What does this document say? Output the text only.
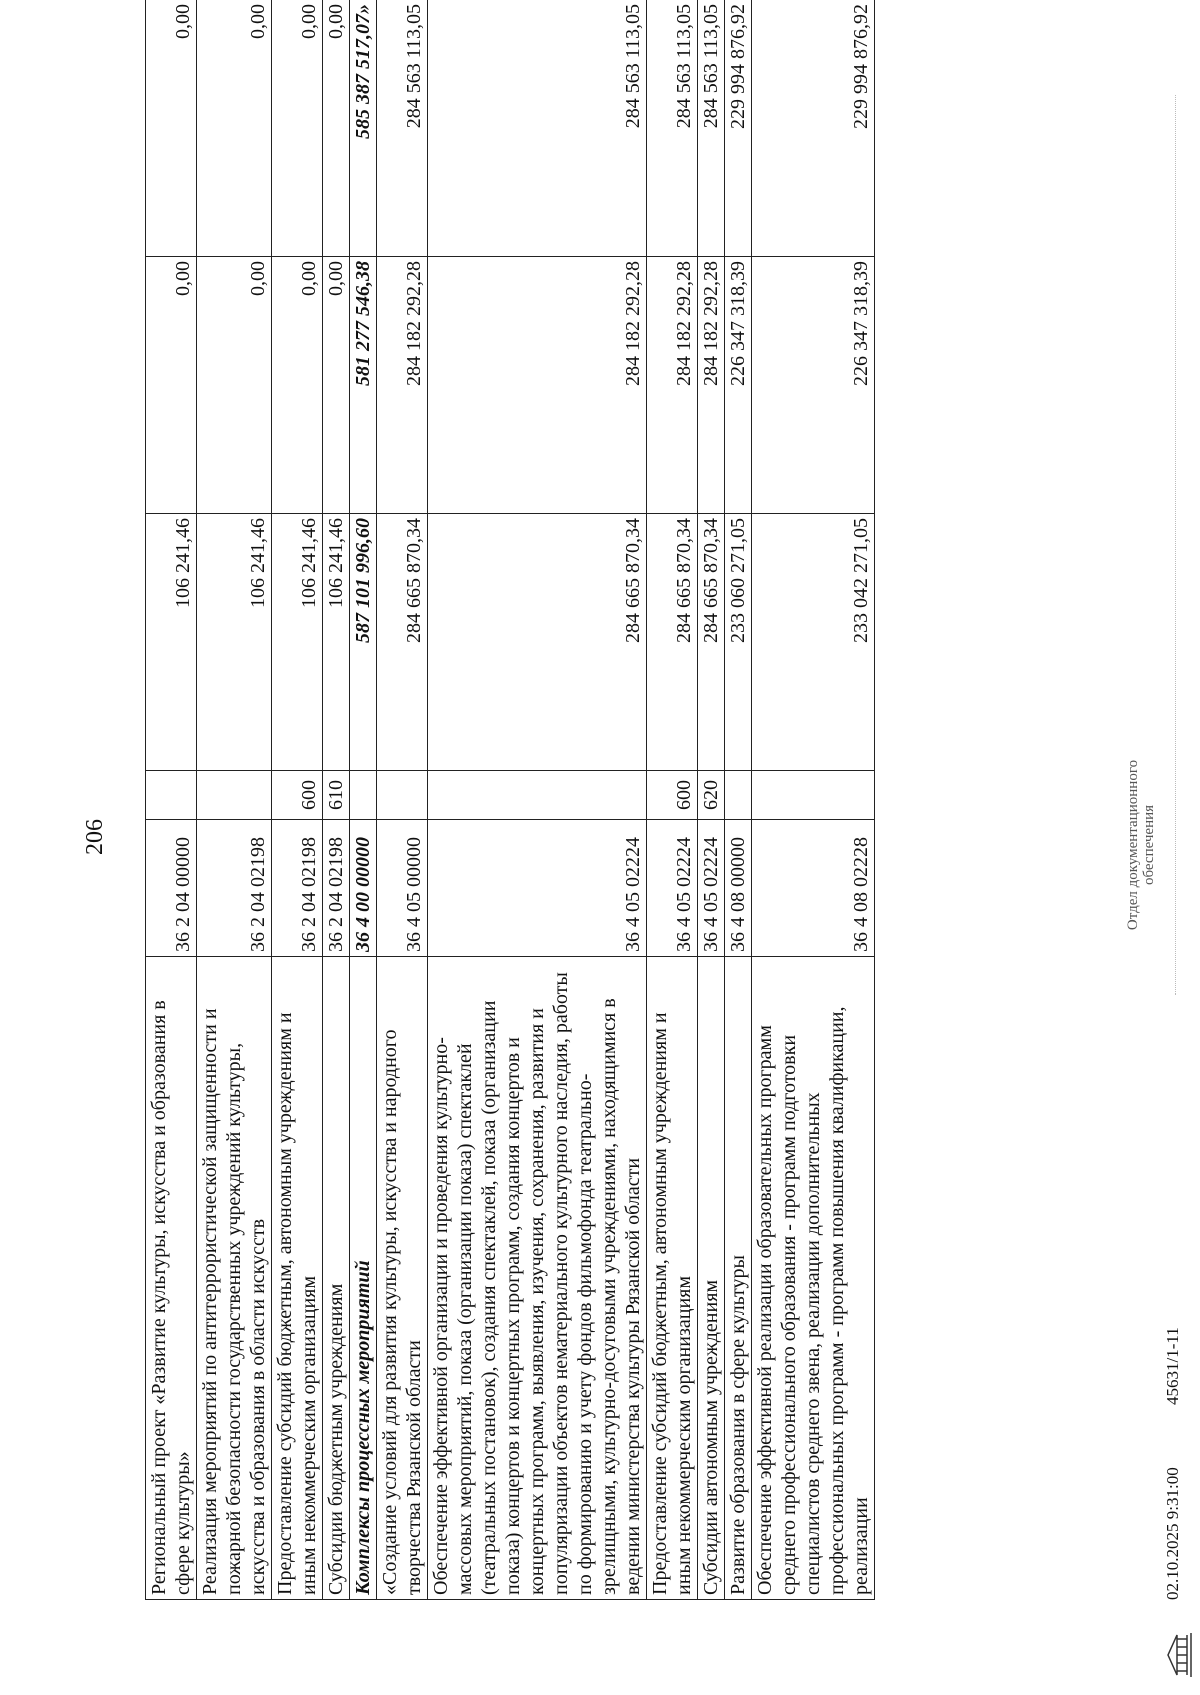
206
Региональный проект «Развитие культуры, искусства и образования в сфере культуры»	36 2 04 00000		106 241,46	0,00	0,00
Реализация мероприятий по антитеррористической защищенности и пожарной безопасности государственных учреждений культуры, искусства и образования в области искусств	36 2 04 02198		106 241,46	0,00	0,00
Предоставление субсидий бюджетным, автономным учреждениям и иным некоммерческим организациям	36 2 04 02198	600	106 241,46	0,00	0,00
Субсидии бюджетным учреждениям	36 2 04 02198	610	106 241,46	0,00	0,00
Комплексы процессных мероприятий	36 4 00 00000		587 101 996,60	581 277 546,38	585 387 517,07»
«Создание условий для развития культуры, искусства и народного творчества Рязанской области	36 4 05 00000		284 665 870,34	284 182 292,28	284 563 113,05
Обеспечение эффективной организации и проведения культурно-массовых мероприятий, показа (организации показа) спектаклей (театральных постановок), создания спектаклей, показа (организации показа) концертов и концертных программ, создания концертов и концертных программ, выявления, изучения, сохранения, развития и популяризации объектов нематериального культурного наследия, работы по формированию и учету фондов фильмофонда театрально-зрелищными, культурно-досуговыми учреждениями, находящимися в ведении министерства культуры Рязанской области	36 4 05 02224		284 665 870,34	284 182 292,28	284 563 113,05
Предоставление субсидий бюджетным, автономным учреждениям и иным некоммерческим организациям	36 4 05 02224	600	284 665 870,34	284 182 292,28	284 563 113,05
Субсидии автономным учреждениям	36 4 05 02224	620	284 665 870,34	284 182 292,28	284 563 113,05
Развитие образования в сфере культуры	36 4 08 00000		233 060 271,05	226 347 318,39	229 994 876,92
Обеспечение эффективной реализации образовательных программ среднего профессионального образования - программ подготовки специалистов среднего звена, реализации дополнительных профессиональных программ - программ повышения квалификации, реализации	36 4 08 02228		233 042 271,05	226 347 318,39	229 994 876,92
Отдел документационного обеспечения
02.10.2025 9:31:00
45631/1-11
